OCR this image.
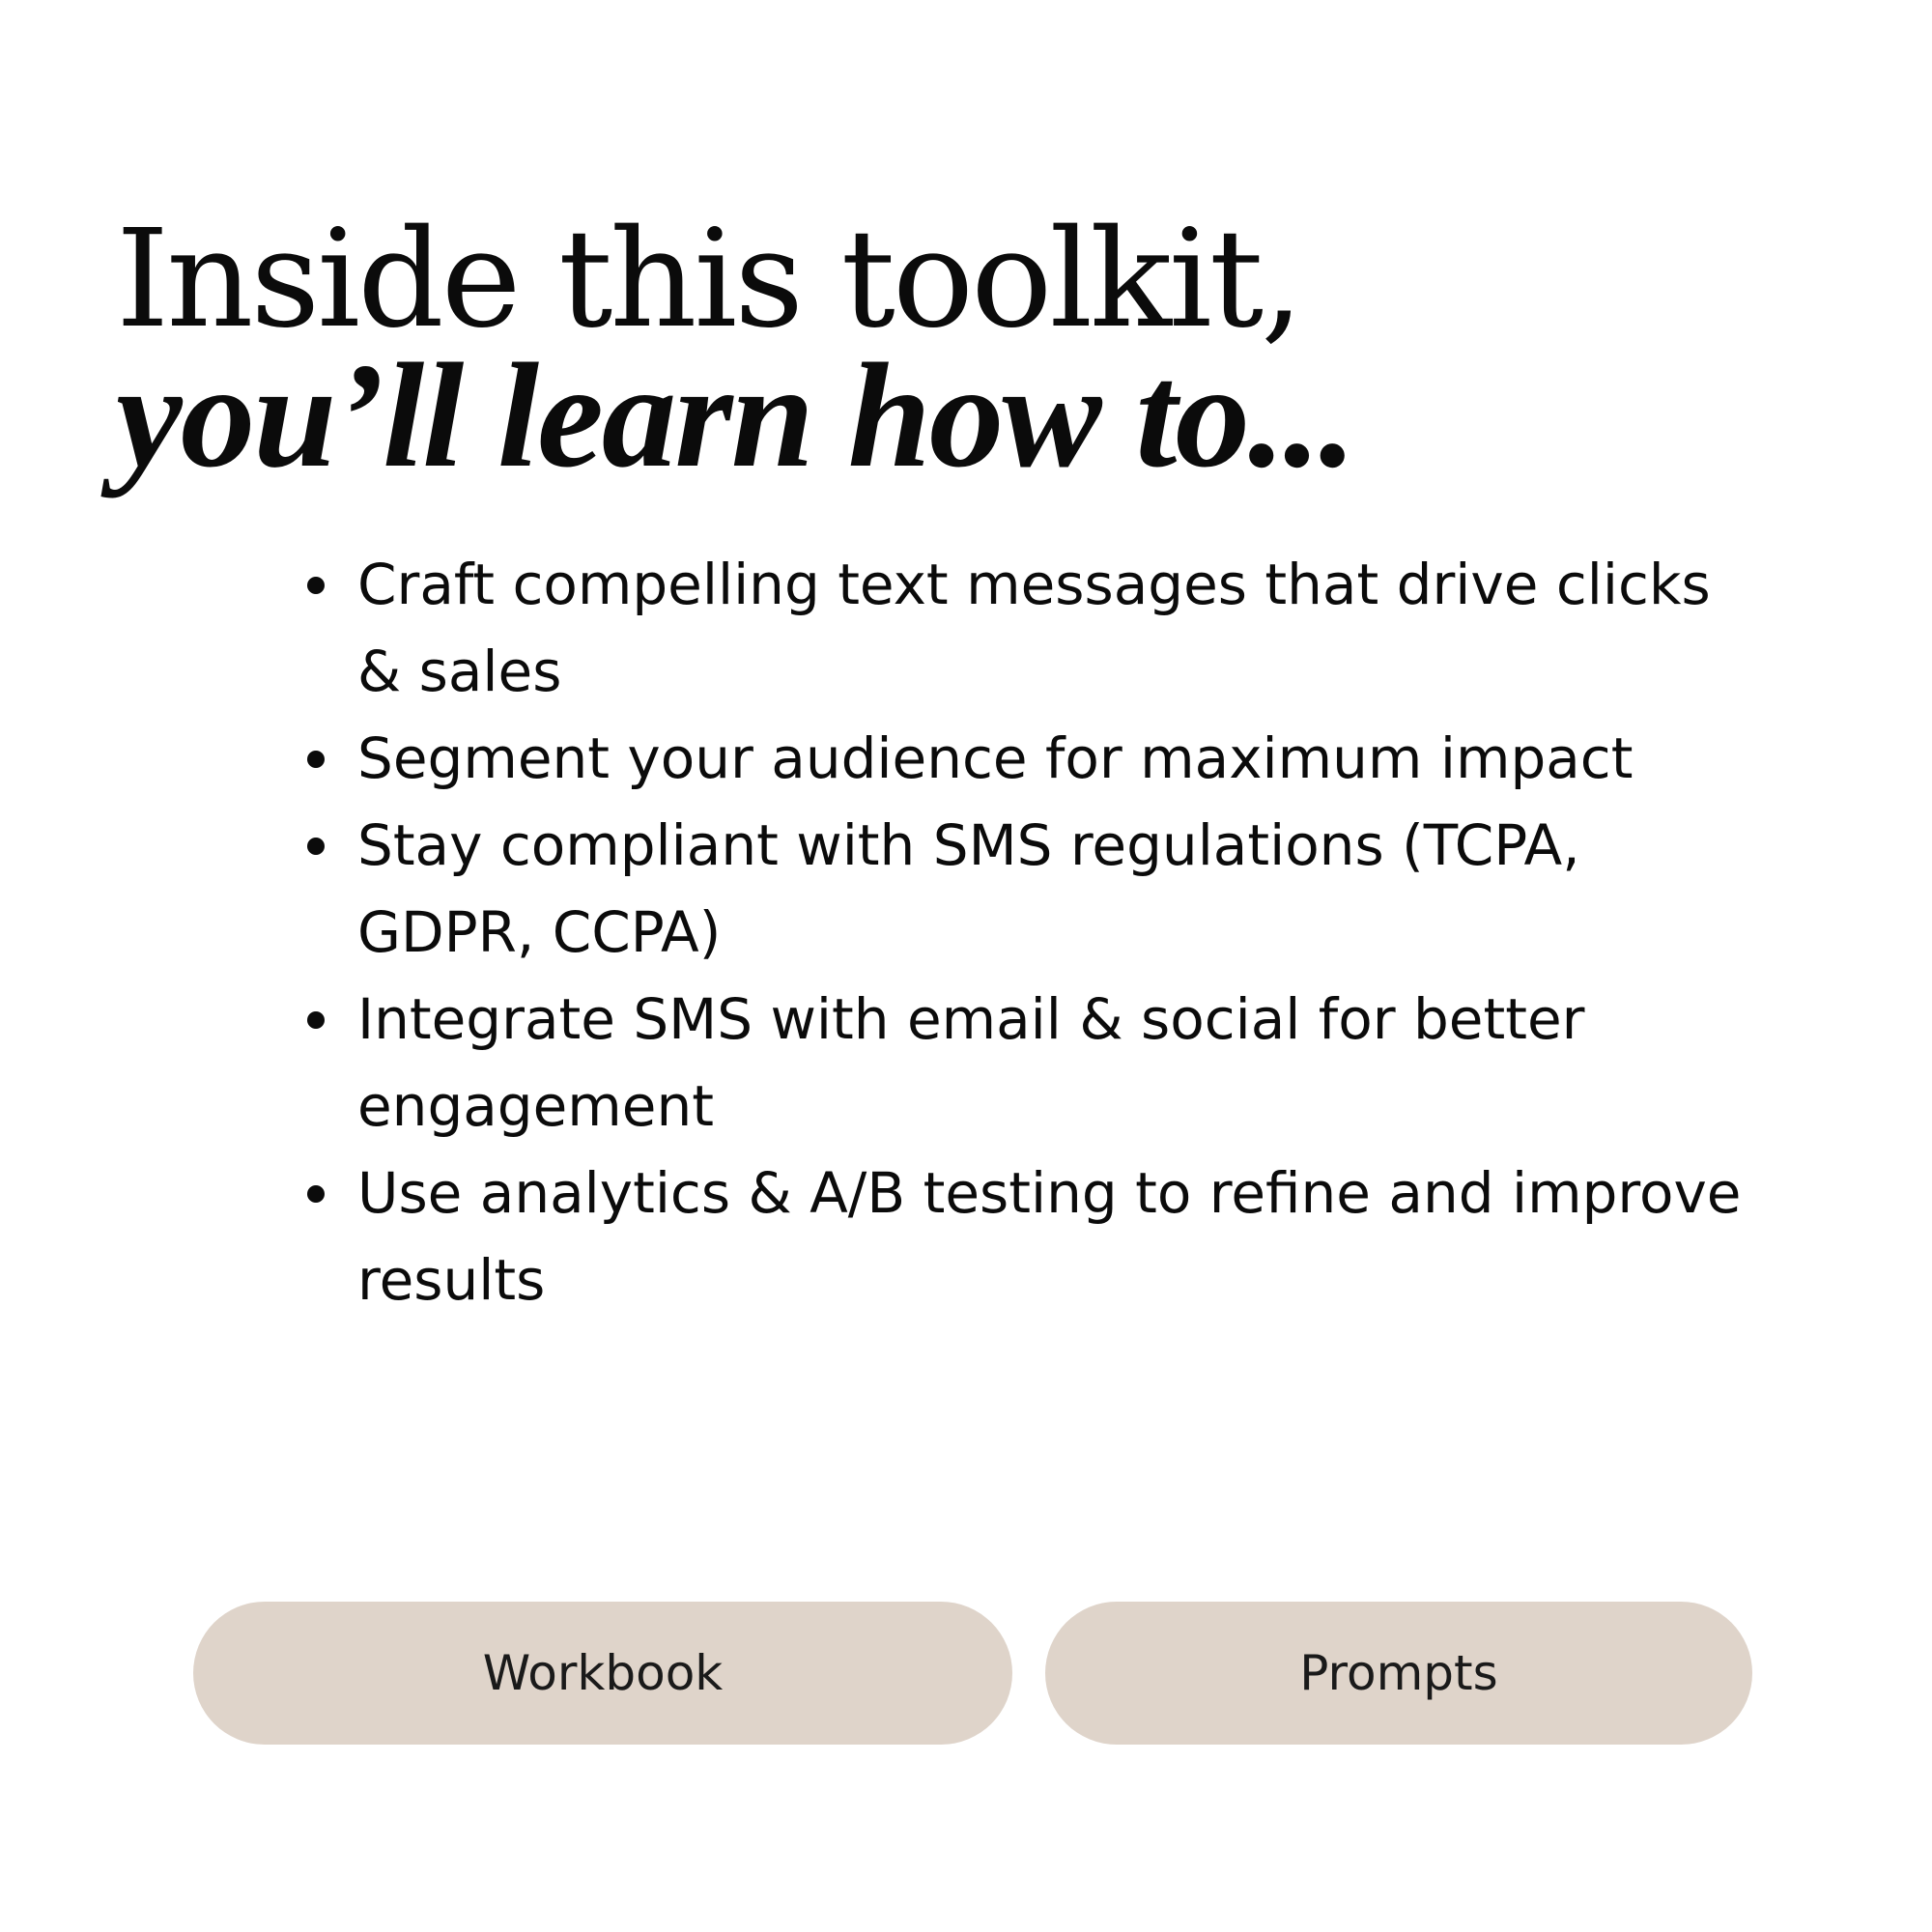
Inside this toolkit,
you’ll learn how to...
Craft compelling text messages that drive clicks & sales
Segment your audience for maximum impact
Stay compliant with SMS regulations (TCPA, GDPR, CCPA)
Integrate SMS with email & social for better engagement
Use analytics & A/B testing to refine and improve results
Workbook	Prompts
